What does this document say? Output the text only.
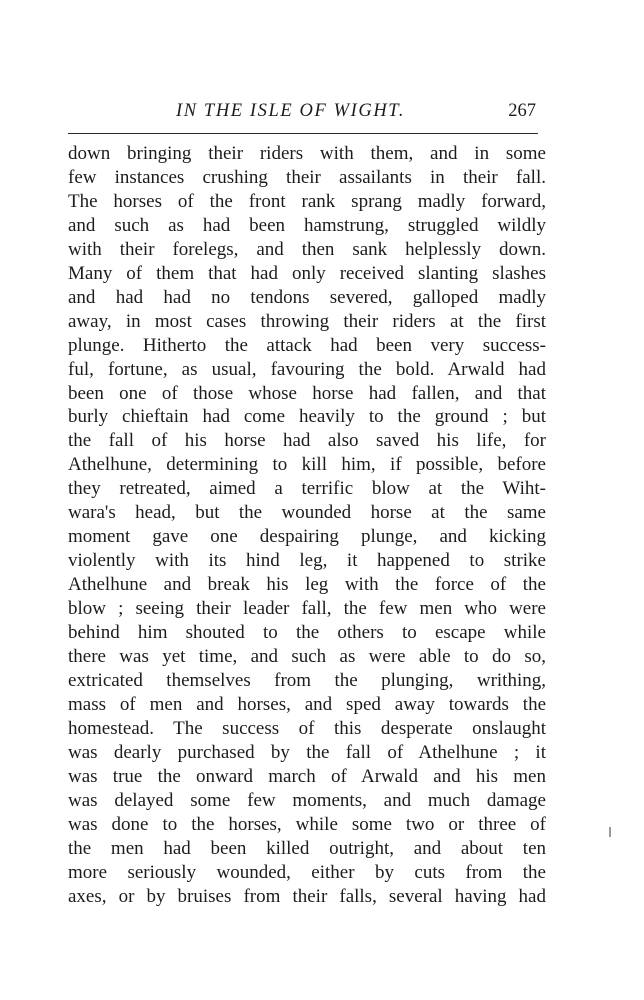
IN THE ISLE OF WIGHT.	267
down bringing their riders with them, and in some
few instances crushing their assailants in their fall.
The horses of the front rank sprang madly forward,
and such as had been hamstrung, struggled wildly
with their forelegs, and then sank helplessly down.
Many of them that had only received slanting slashes
and had had no tendons severed, galloped madly
away, in most cases throwing their riders at the first
plunge. Hitherto the attack had been very success-
ful, fortune, as usual, favouring the bold. Arwald had
been one of those whose horse had fallen, and that
burly chieftain had come heavily to the ground ; but
the fall of his horse had also saved his life, for
Athelhune, determining to kill him, if possible, before
they retreated, aimed a terrific blow at the Wiht-
wara's head, but the wounded horse at the same
moment gave one despairing plunge, and kicking
violently with its hind leg, it happened to strike
Athelhune and break his leg with the force of the
blow ; seeing their leader fall, the few men who were
behind him shouted to the others to escape while
there was yet time, and such as were able to do so,
extricated themselves from the plunging, writhing,
mass of men and horses, and sped away towards the
homestead. The success of this desperate onslaught
was dearly purchased by the fall of Athelhune ; it
was true the onward march of Arwald and his men
was delayed some few moments, and much damage
was done to the horses, while some two or three of
the men had been killed outright, and about ten
more seriously wounded, either by cuts from the
axes, or by bruises from their falls, several having had
